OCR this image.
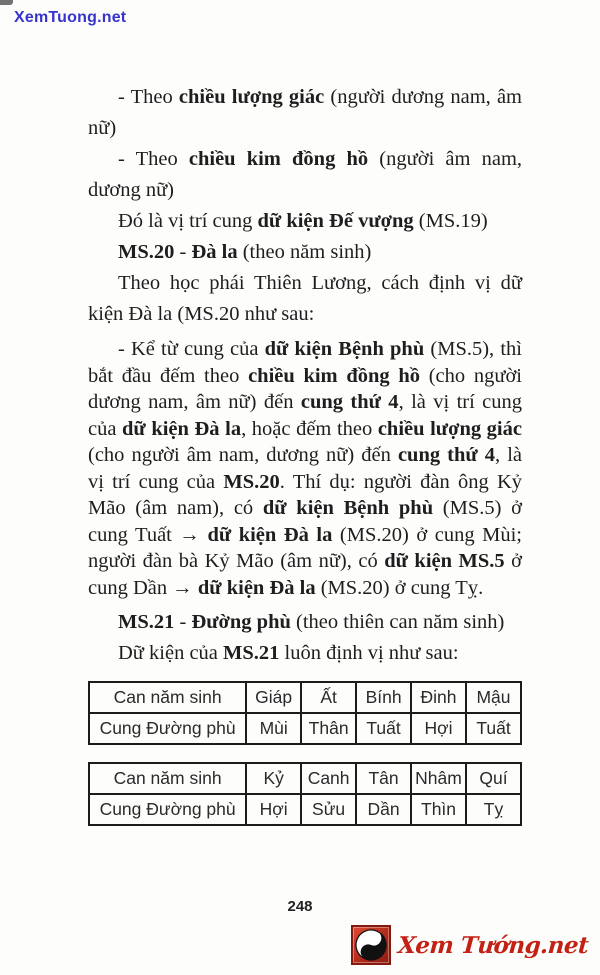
XemTuong.net

- Theo chiều lượng giác (người dương nam, âm nữ)

- Theo chiều kim đồng hồ (người âm nam, dương nữ)

Đó là vị trí cung dữ kiện Đế vượng (MS.19)

MS.20 - Đà la (theo năm sinh)

Theo học phái Thiên Lương, cách định vị dữ kiện Đà la (MS.20 như sau:

- Kể từ cung của dữ kiện Bệnh phù (MS.5), thì bắt đầu đếm theo chiều kim đồng hồ (cho người dương nam, âm nữ) đến cung thứ 4, là vị trí cung của dữ kiện Đà la, hoặc đếm theo chiều lượng giác (cho người âm nam, dương nữ) đến cung thứ 4, là vị trí cung của MS.20. Thí dụ: người đàn ông Kỷ Mão (âm nam), có dữ kiện Bệnh phù (MS.5) ở cung Tuất → dữ kiện Đà la (MS.20) ở cung Mùi; người đàn bà Kỷ Mão (âm nữ), có dữ kiện MS.5 ở cung Dần → dữ kiện Đà la (MS.20) ở cung Tỵ.

MS.21 - Đường phù (theo thiên can năm sinh)

Dữ kiện của MS.21 luôn định vị như sau:

Can năm sinh	Giáp	Ất	Bính	Đinh	Mậu
Cung Đường phù	Mùi	Thân	Tuất	Hợi	Tuất
Can năm sinh	Kỷ	Canh	Tân	Nhâm	Quí
Cung Đường phù	Hợi	Sửu	Dần	Thìn	Tỵ
248
Xem Tướng.net
